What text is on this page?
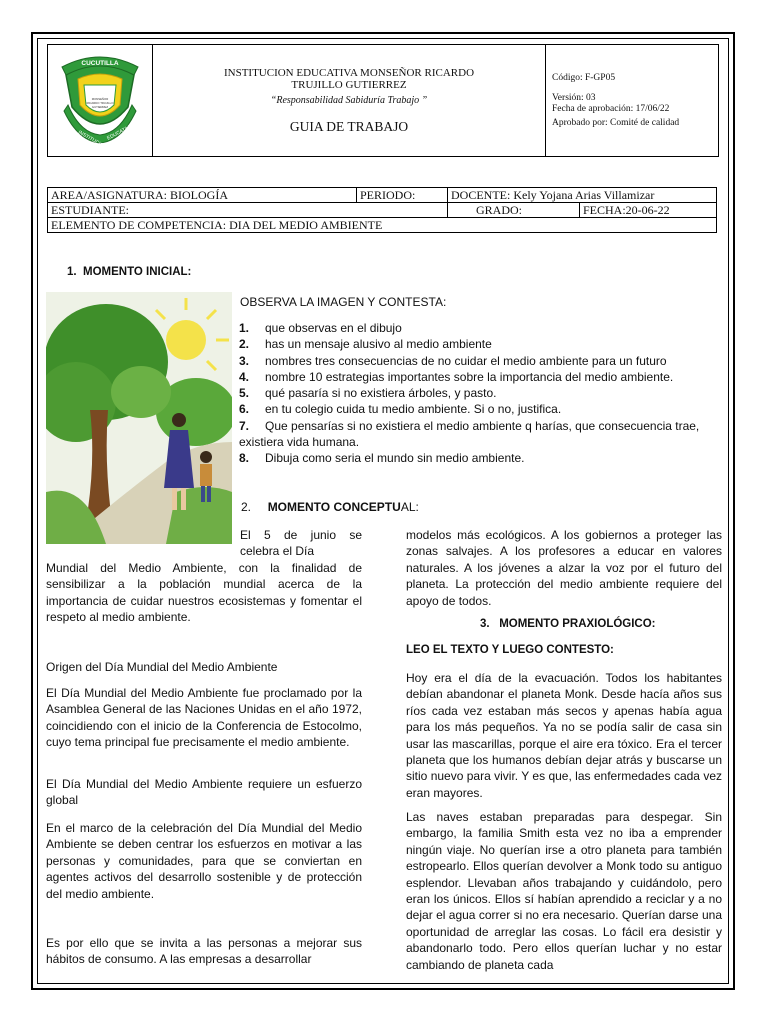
CUCUTILLA
MONSEÑOR
RICARDO TRUJILLO
GUTIERREZ
INSTITUCION
EDUCATIVA
INSTITUCION EDUCATIVA MONSEÑOR RICARDO
TRUJILLO GUTIERREZ
“Responsabilidad Sabiduría Trabajo ”
GUIA DE TRABAJO
Código: F-GP05
Versión: 03
Fecha de aprobación: 17/06/22
Aprobado por: Comité de calidad
AREA/ASIGNATURA: BIOLOGÍA	PERIODO:	DOCENTE: Kely Yojana Arias Villamizar	
ESTUDIANTE:		GRADO:	FECHA:20-06-22
ELEMENTO DE COMPETENCIA: DIA DEL MEDIO AMBIENTE			
1. MOMENTO INICIAL:
OBSERVA LA IMAGEN Y CONTESTA:
1. que observas en el dibujo
2. has un mensaje alusivo al medio ambiente
3. nombres tres consecuencias de no cuidar el medio ambiente para un futuro
4. nombre 10 estrategias importantes sobre la importancia del medio ambiente.
5. qué pasaría si no existiera árboles, y pasto.
6. en tu colegio cuida tu medio ambiente. Si o no, justifica.
7. Que pensarías si no existiera el medio ambiente q harías, que consecuencia trae, existiera vida humana.
8. Dibuja como seria el mundo sin medio ambiente.
2. MOMENTO CONCEPTUAL:
El 5 de junio se celebra el Día
Mundial del Medio Ambiente, con la finalidad de sensibilizar a la población mundial acerca de la importancia de cuidar nuestros ecosistemas y fomentar el respeto al medio ambiente.
Origen del Día Mundial del Medio Ambiente
El Día Mundial del Medio Ambiente fue proclamado por la Asamblea General de las Naciones Unidas en el año 1972, coincidiendo con el inicio de la Conferencia de Estocolmo, cuyo tema principal fue precisamente el medio ambiente.
El Día Mundial del Medio Ambiente requiere un esfuerzo global
En el marco de la celebración del Día Mundial del Medio Ambiente se deben centrar los esfuerzos en motivar a las personas y comunidades, para que se conviertan en agentes activos del desarrollo sostenible y de protección del medio ambiente.
Es por ello que se invita a las personas a mejorar sus hábitos de consumo. A las empresas a desarrollar
modelos más ecológicos. A los gobiernos a proteger las zonas salvajes. A los profesores a educar en valores naturales. A los jóvenes a alzar la voz por el futuro del planeta. La protección del medio ambiente requiere del apoyo de todos.
3. MOMENTO PRAXIOLÓGICO:
LEO EL TEXTO Y LUEGO CONTESTO:
Hoy era el día de la evacuación. Todos los habitantes debían abandonar el planeta Monk. Desde hacía años sus ríos cada vez estaban más secos y apenas había agua para los más pequeños. Ya no se podía salir de casa sin usar las mascarillas, porque el aire era tóxico. Era el tercer planeta que los humanos debían dejar atrás y buscarse un sitio nuevo para vivir. Y es que, las enfermedades cada vez eran mayores.
Las naves estaban preparadas para despegar. Sin embargo, la familia Smith esta vez no iba a emprender ningún viaje. No querían irse a otro planeta para también estropearlo. Ellos querían devolver a Monk todo su antiguo esplendor. Llevaban años trabajando y cuidándolo, pero eran los únicos. Ellos sí habían aprendido a reciclar y a no dejar el agua correr si no era necesario. Querían darse una oportunidad de arreglar las cosas. Lo fácil era desistir y abandonarlo todo. Pero ellos querían luchar y no estar cambiando de planeta cada
